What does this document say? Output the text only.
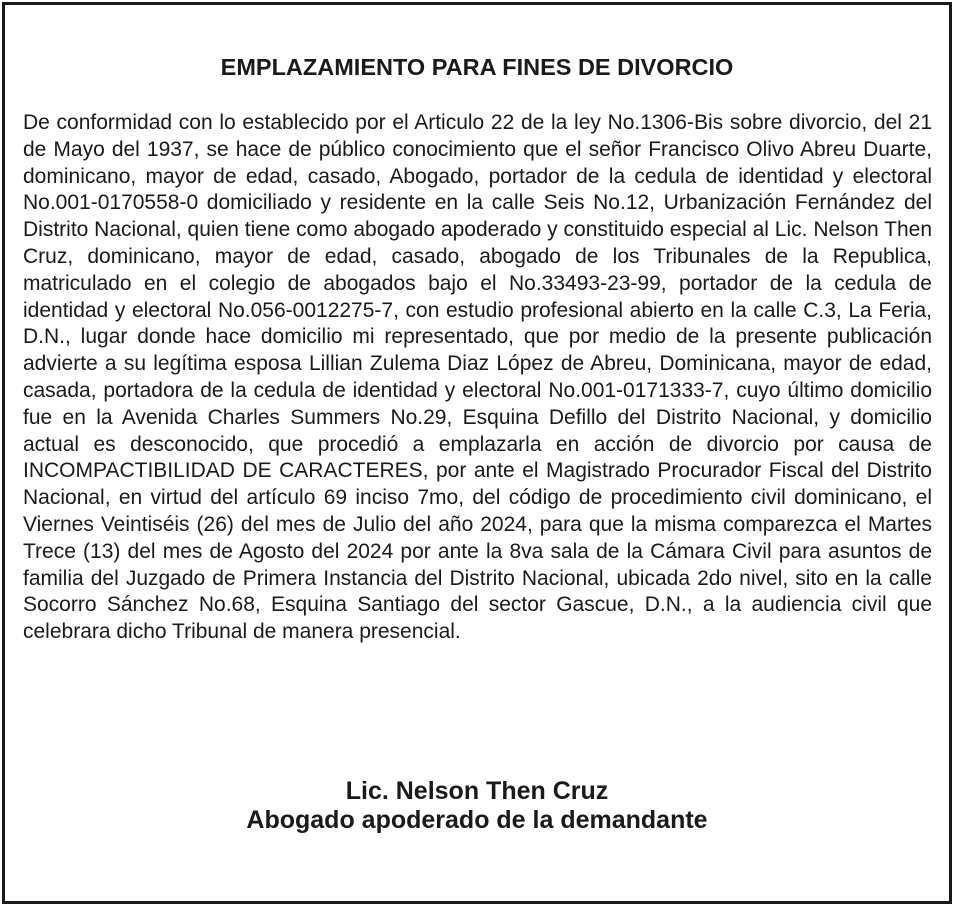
EMPLAZAMIENTO PARA FINES DE DIVORCIO
De conformidad con lo establecido por el Articulo 22 de la ley No.1306-Bis sobre divorcio, del 21 de Mayo del 1937, se hace de público conocimiento que el señor Francisco Olivo Abreu Duarte, dominicano, mayor de edad, casado, Abogado, portador de la cedula de identidad y electoral No.001-0170558-0 domiciliado y residente en la calle Seis No.12, Urbanización Fernández del Distrito Nacional, quien tiene como abogado apoderado y constituido especial al Lic. Nelson Then Cruz, dominicano, mayor de edad, casado, abogado de los Tribunales de la Republica, matriculado en el colegio de abogados bajo el No.33493-23-99, portador de la cedula de identidad y electoral No.056-0012275-7, con estudio profesional abierto en la calle C.3, La Feria, D.N., lugar donde hace domicilio mi representado, que por medio de la presente publicación advierte a su legítima esposa Lillian Zulema Diaz López de Abreu, Dominicana, mayor de edad, casada, portadora de la cedula de identidad y electoral No.001-0171333-7, cuyo último domicilio fue en la Avenida Charles Summers No.29, Esquina Defillo del Distrito Nacional, y domicilio actual es desconocido, que procedió a emplazarla en acción de divorcio por causa de INCOMPACTIBILIDAD DE CARACTERES, por ante el Magistrado Procurador Fiscal del Distrito Nacional, en virtud del artículo 69 inciso 7mo, del código de procedimiento civil dominicano, el Viernes Veintiséis (26) del mes de Julio del año 2024, para que la misma comparezca el Martes Trece (13) del mes de Agosto del 2024 por ante la 8va sala de la Cámara Civil para asuntos de familia del Juzgado de Primera Instancia del Distrito Nacional, ubicada 2do nivel, sito en la calle Socorro Sánchez No.68, Esquina Santiago del sector Gascue, D.N., a la audiencia civil que celebrara dicho Tribunal de manera presencial.
Lic. Nelson Then Cruz
Abogado apoderado de la demandante
